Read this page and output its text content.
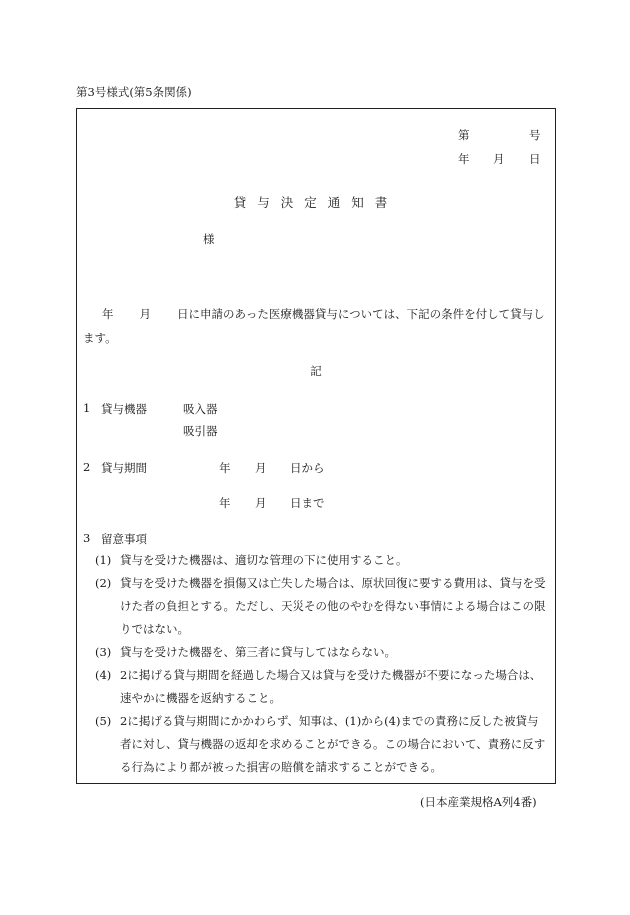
第3号様式(第5条関係)
第	号
年 月 日
貸与決定通知書
様
年 月 日に申請のあった医療機器貸与については、下記の条件を付して貸与します。
記
1 貸与機器	吸入器
吸引器
2 貸与期間	年 月 日から
年 月 日まで
3 留意事項
(1) 貸与を受けた機器は、適切な管理の下に使用すること。
(2) 貸与を受けた機器を損傷又は亡失した場合は、原状回復に要する費用は、貸与を受けた者の負担とする。ただし、天災その他のやむを得ない事情による場合はこの限りではない。
(3) 貸与を受けた機器を、第三者に貸与してはならない。
(4) 2に掲げる貸与期間を経過した場合又は貸与を受けた機器が不要になった場合は、速やかに機器を返納すること。
(5) 2に掲げる貸与期間にかかわらず、知事は、(1)から(4)までの責務に反した被貸与者に対し、貸与機器の返却を求めることができる。この場合において、責務に反する行為により都が被った損害の賠償を請求することができる。
(日本産業規格A列4番)
